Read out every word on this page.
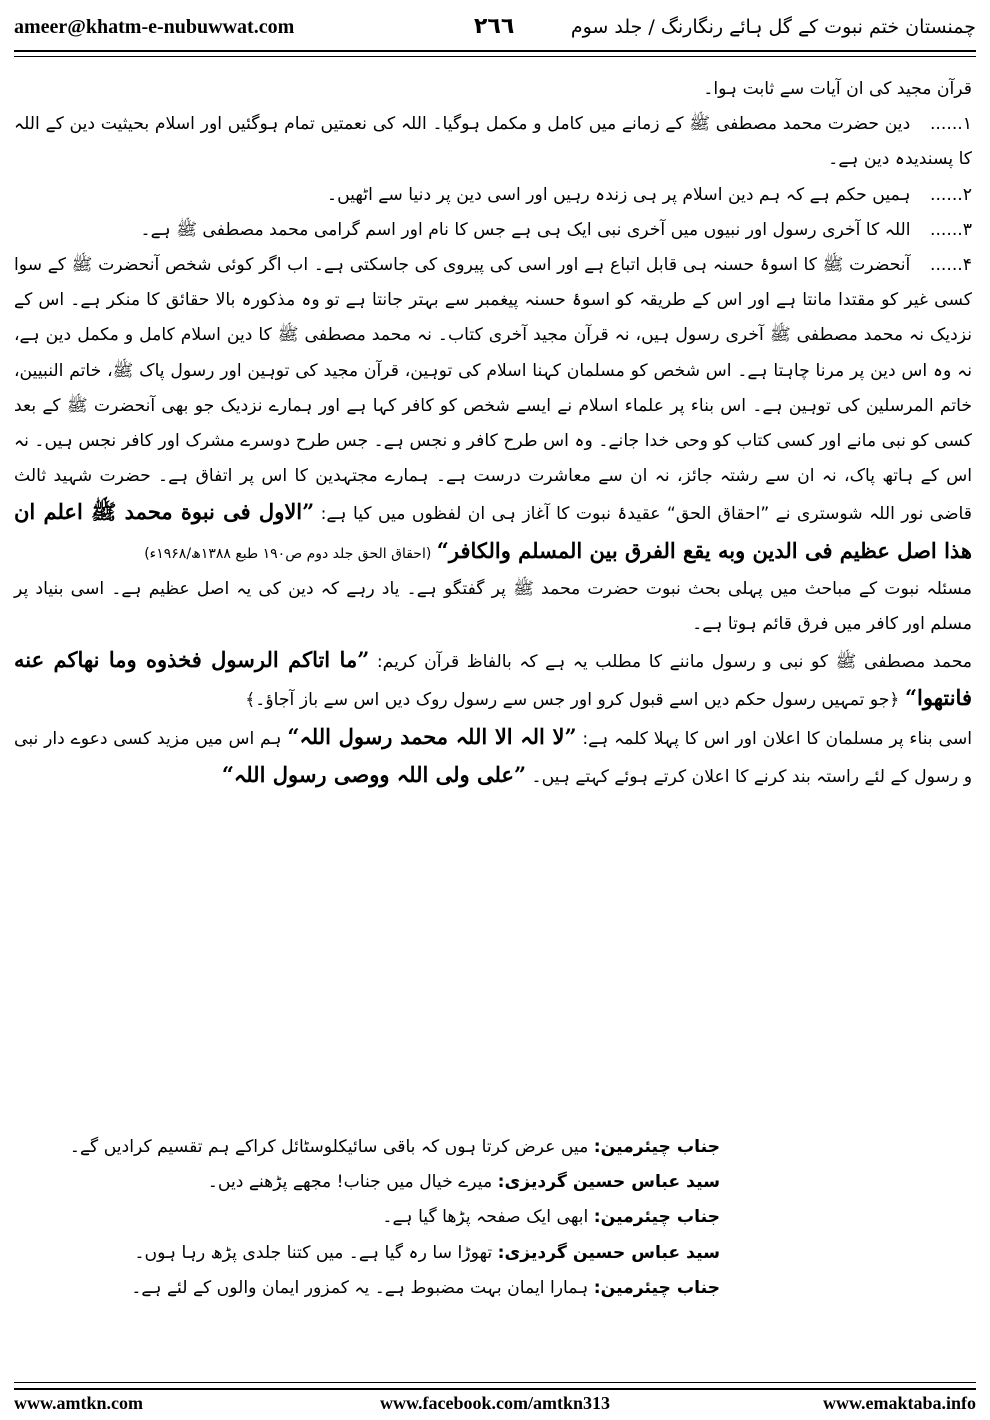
ameer@khatm-e-nubuwwat.com	٢٦٦	چمنستان ختم نبوت کے گل ہائے رنگارنگ / جلد سوم

قرآن مجید کی ان آیات سے ثابت ہوا۔

۱...... دین حضرت محمد مصطفی ﷺ کے زمانے میں کامل و مکمل ہوگیا۔ اللہ کی نعمتیں تمام ہوگئیں اور اسلام بحیثیت دین کے اللہ کا پسندیدہ دین ہے۔

۲...... ہمیں حکم ہے کہ ہم دین اسلام پر ہی زندہ رہیں اور اسی دین پر دنیا سے اٹھیں۔

۳...... اللہ کا آخری رسول اور نبیوں میں آخری نبی ایک ہی ہے جس کا نام اور اسم گرامی محمد مصطفی ﷺ ہے۔

۴...... آنحضرت ﷺ کا اسوۂ حسنہ ہی قابل اتباع ہے اور اسی کی پیروی کی جاسکتی ہے۔ اب اگر کوئی شخص آنحضرت ﷺ کے سوا کسی غیر کو مقتدا مانتا ہے اور اس کے طریقہ کو اسوۂ حسنہ پیغمبر سے بہتر جانتا ہے تو وہ مذکورہ بالا حقائق کا منکر ہے۔ اس کے نزدیک نہ محمد مصطفی ﷺ آخری رسول ہیں، نہ قرآن مجید آخری کتاب۔ نہ محمد مصطفی ﷺ کا دین اسلام کامل و مکمل دین ہے، نہ وہ اس دین پر مرنا چاہتا ہے۔ اس شخص کو مسلمان کہنا اسلام کی توہین، قرآن مجید کی توہین اور رسول پاک ﷺ، خاتم النبیین، خاتم المرسلین کی توہین ہے۔ اس بناء پر علماء اسلام نے ایسے شخص کو کافر کہا ہے اور ہمارے نزدیک جو بھی آنحضرت ﷺ کے بعد کسی کو نبی مانے اور کسی کتاب کو وحی خدا جانے۔ وہ اس طرح کافر و نجس ہے۔ جس طرح دوسرے مشرک اور کافر نجس ہیں۔ نہ اس کے ہاتھ پاک، نہ ان سے رشتہ جائز، نہ ان سے معاشرت درست ہے۔ ہمارے مجتہدین کا اس پر اتفاق ہے۔ حضرت شہید ثالث قاضی نور اللہ شوستری نے ”احقاق الحق“ عقیدۂ نبوت کا آغاز ہی ان لفظوں میں کیا ہے: ”الاول فی نبوة محمد ﷺ اعلم ان هذا اصل عظيم فی الدين وبه يقع الفرق بين المسلم والكافر“ (احقاق الحق جلد دوم ص۱۹۰ طبع ۱۳۸۸ھ/۱۹۶۸ء)

مسئلہ نبوت کے مباحث میں پہلی بحث نبوت حضرت محمد ﷺ پر گفتگو ہے۔ یاد رہے کہ دین کی یہ اصل عظیم ہے۔ اسی بنیاد پر مسلم اور کافر میں فرق قائم ہوتا ہے۔

محمد مصطفی ﷺ کو نبی و رسول ماننے کا مطلب یہ ہے کہ بالفاظ قرآن کریم: ”ما اتاکم الرسول فخذوه وما نهاکم عنه فانتهوا“ ﴿جو تمہیں رسول حکم دیں اسے قبول کرو اور جس سے رسول روک دیں اس سے باز آجاؤ۔﴾

اسی بناء پر مسلمان کا اعلان اور اس کا پہلا کلمہ ہے: ”لا الہ الا اللہ محمد رسول اللہ“ ہم اس میں مزید کسی دعوے دار نبی و رسول کے لئے راستہ بند کرنے کا اعلان کرتے ہوئے کہتے ہیں۔ ”علی ولی اللہ ووصی رسول اللہ“

جناب چیئرمین: میں عرض کرتا ہوں کہ باقی سائیکلوسٹائل کراکے ہم تقسیم کرادیں گے۔
سید عباس حسین گردیزی: میرے خیال میں جناب! مجھے پڑھنے دیں۔
جناب چیئرمین: ابھی ایک صفحہ پڑھا گیا ہے۔
سید عباس حسین گردیزی: تھوڑا سا رہ گیا ہے۔ میں کتنا جلدی پڑھ رہا ہوں۔
جناب چیئرمین: ہمارا ایمان بہت مضبوط ہے۔ یہ کمزور ایمان والوں کے لئے ہے۔
www.amtkn.com	www.facebook.com/amtkn313	www.emaktaba.info
